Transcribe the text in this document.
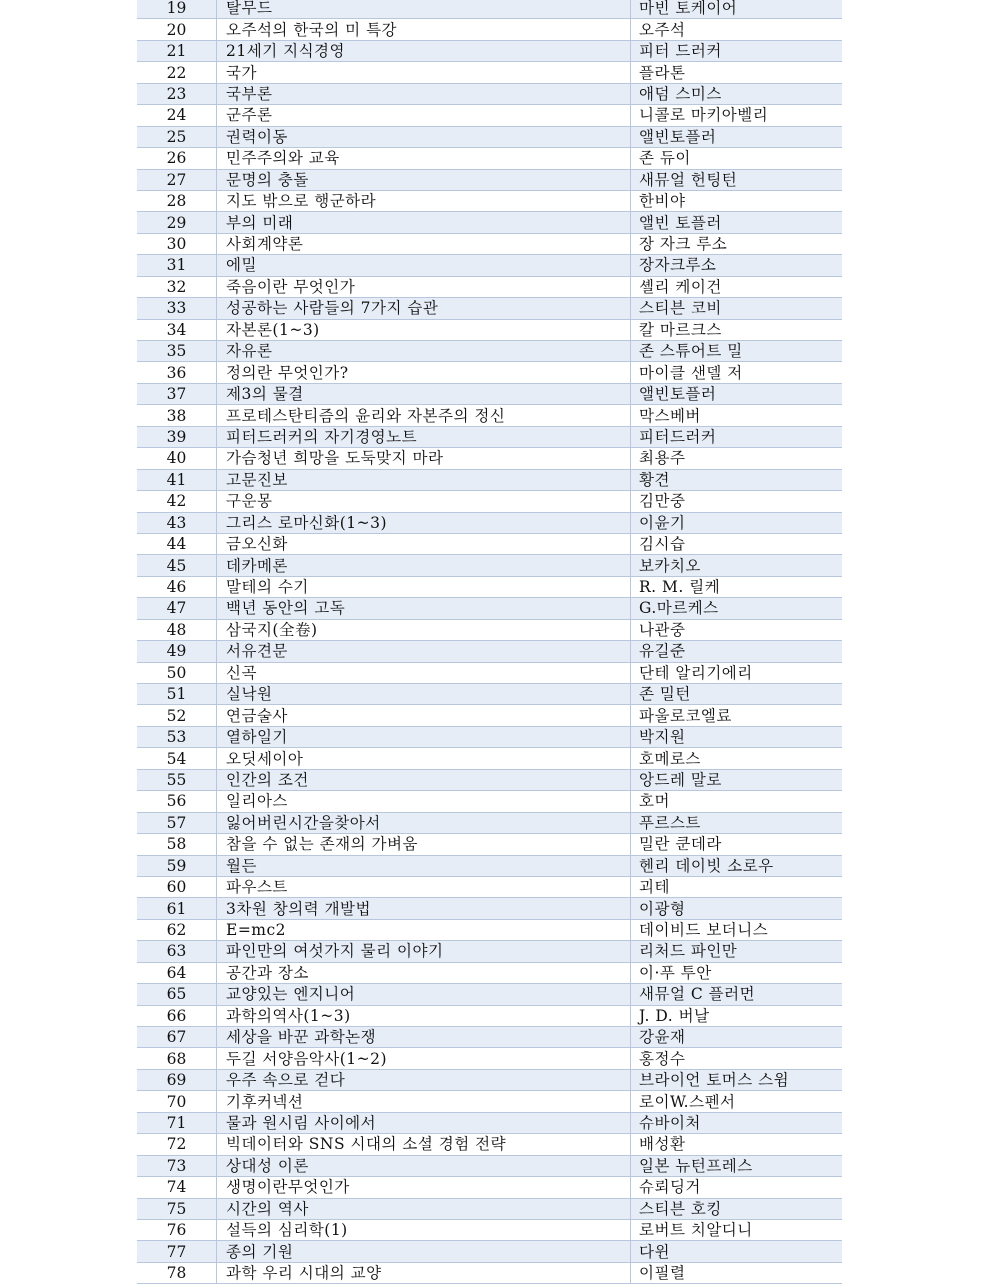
19	탈무드	마빈 토케이어
20	오주석의 한국의 미 특강	오주석
21	21세기 지식경영	피터 드러커
22	국가	플라톤
23	국부론	애덤 스미스
24	군주론	니콜로 마키아벨리
25	권력이동	앨빈토플러
26	민주주의와 교육	존 듀이
27	문명의 충돌	새뮤얼 헌팅턴
28	지도 밖으로 행군하라	한비야
29	부의 미래	앨빈 토플러
30	사회계약론	장 자크 루소
31	에밀	장자크루소
32	죽음이란 무엇인가	셸리 케이건
33	성공하는 사람들의 7가지 습관	스티븐 코비
34	자본론(1~3)	칼 마르크스
35	자유론	존 스튜어트 밀
36	정의란 무엇인가?	마이클 샌델 저
37	제3의 물결	앨빈토플러
38	프로테스탄티즘의 윤리와 자본주의 정신	막스베버
39	피터드러커의 자기경영노트	피터드러커
40	가슴청년 희망을 도둑맞지 마라	최용주
41	고문진보	황견
42	구운몽	김만중
43	그리스 로마신화(1~3)	이윤기
44	금오신화	김시습
45	데카메론	보카치오
46	말테의 수기	R. M. 릴케
47	백년 동안의 고독	G.마르케스
48	삼국지(全卷)	나관중
49	서유견문	유길준
50	신곡	단테 알리기에리
51	실낙원	존 밀턴
52	연금술사	파울로코엘료
53	열하일기	박지원
54	오딧세이아	호메로스
55	인간의 조건	앙드레 말로
56	일리아스	호머
57	잃어버린시간을찾아서	푸르스트
58	참을 수 없는 존재의 가벼움	밀란 쿤데라
59	월든	헨리 데이빗 소로우
60	파우스트	괴테
61	3차원 창의력 개발법	이광형
62	E=mc2	데이비드 보더니스
63	파인만의 여섯가지 물리 이야기	리처드 파인만
64	공간과 장소	이·푸 투안
65	교양있는 엔지니어	새뮤얼 C 플러먼
66	과학의역사(1~3)	J. D. 버날
67	세상을 바꾼 과학논쟁	강윤재
68	두길 서양음악사(1~2)	홍정수
69	우주 속으로 걷다	브라이언 토머스 스윔
70	기후커넥션	로이W.스펜서
71	물과 원시림 사이에서	슈바이처
72	빅데이터와 SNS 시대의 소셜 경험 전략	배성환
73	상대성 이론	일본 뉴턴프레스
74	생명이란무엇인가	슈뢰딩거
75	시간의 역사	스티븐 호킹
76	설득의 심리학(1)	로버트 치알디니
77	종의 기원	다윈
78	과학 우리 시대의 교양	이필렬
